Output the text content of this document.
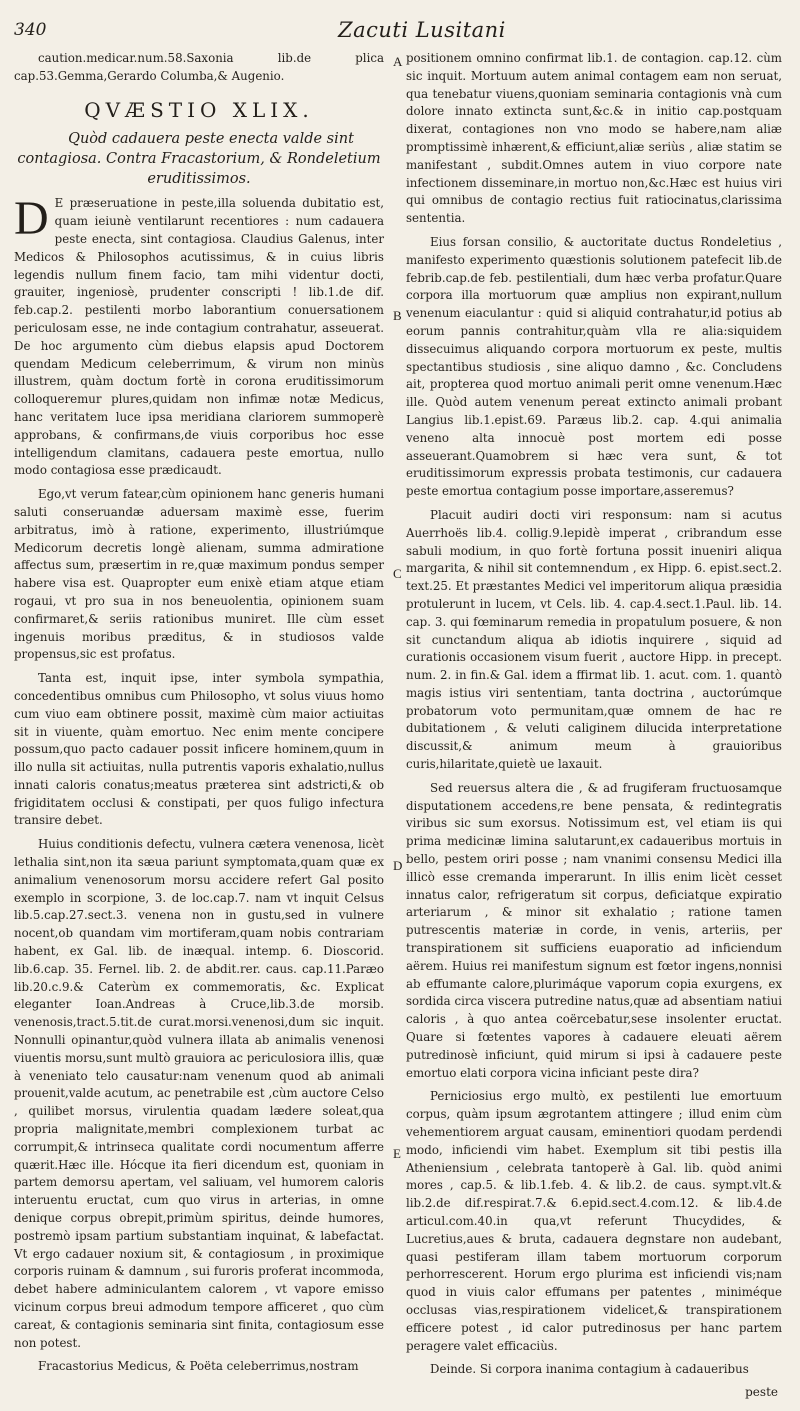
340	Zacuti Lusitani
A
B
C
D
E

caution.medicar.num.58.Saxonia lib.de plica cap.53.Gemma,Gerardo Columba,& Augenio.

QVÆSTIO XLIX.

Quòd cadauera peste enecta valde sint contagiosa. Contra Fracastorium, & Rondeletium eruditissimos.

D E præseruatione in peste,illa soluenda dubitatio est, quam ieiunè ventilarunt recentiores : num cadauera peste enecta, sint contagiosa. Claudius Galenus, inter Medicos & Philosophos acutissimus, & in cuius libris legendis nullum finem facio, tam mihi videntur docti, grauiter, ingeniosè, prudenter conscripti ! lib.1.de dif. feb.cap.2. pestilenti morbo laborantium conuersationem periculosam esse, ne inde contagium contrahatur, asseuerat. De hoc argumento cùm diebus elapsis apud Doctorem quendam Medicum celeberrimum, & virum non minùs illustrem, quàm doctum fortè in corona eruditissimorum colloqueremur plures,quidam non infimæ notæ Medicus, hanc veritatem luce ipsa meridiana clariorem summoperè approbans, & confirmans,de viuis corporibus hoc esse intelligendum clamitans, cadauera peste emortua, nullo modo contagiosa esse prædicaudt.

Ego,vt verum fatear,cùm opinionem hanc generis humani saluti conseruandæ aduersam maximè esse, fuerim arbitratus, imò à ratione, experimento, illustriúmque Medicorum decretis longè alienam, summa admiratione affectus sum, præsertim in re,quæ maximum pondus semper habere visa est. Quapropter eum enixè etiam atque etiam rogaui, vt pro sua in nos beneuolentia, opinionem suam confirmaret,& seriis rationibus muniret. Ille cùm esset ingenuis moribus præditus, & in studiosos valde propensus,sic est profatus.

Tanta est, inquit ipse, inter symbola sympathia, concedentibus omnibus cum Philosopho, vt solus viuus homo cum viuo eam obtinere possit, maximè cùm maior actiuitas sit in viuente, quàm emortuo. Nec enim mente concipere possum,quo pacto cadauer possit inficere hominem,quum in illo nulla sit actiuitas, nulla putrentis vaporis exhalatio,nullus innati caloris conatus;meatus præterea sint adstricti,& ob frigiditatem occlusi & constipati, per quos fuligo infectura transire debet.

Huius conditionis defectu, vulnera cætera venenosa, licèt lethalia sint,non ita sæua pariunt symptomata,quam quæ ex animalium venenosorum morsu accidere refert Gal posito exemplo in scorpione, 3. de loc.cap.7. nam vt inquit Celsus lib.5.cap.27.sect.3. venena non in gustu,sed in vulnere nocent,ob quandam vim mortiferam,quam nobis contrariam habent, ex Gal. lib. de inæqual. intemp. 6. Dioscorid. lib.6.cap. 35. Fernel. lib. 2. de abdit.rer. caus. cap.11.Paræo lib.20.c.9.& Caterùm ex commemoratis, &c. Explicat eleganter Ioan.Andreas à Cruce,lib.3.de morsib. venenosis,tract.5.tit.de curat.morsi.venenosi,dum sic inquit. Nonnulli opinantur,quòd vulnera illata ab animalis venenosi viuentis morsu,sunt multò grauiora ac periculosiora illis, quæ à veneniato telo causatur:nam venenum quod ab animali prouenit,valde acutum, ac penetrabile est ,cùm auctore Celso , quilibet morsus, virulentia quadam lædere soleat,qua propria malignitate,membri complexionem turbat ac corrumpit,& intrinseca qualitate cordi nocumentum afferre quærit.Hæc ille. Hócque ita fieri dicendum est, quoniam in partem demorsu apertam, vel saliuam, vel humorem caloris interuentu eructat, cum quo virus in arterias, in omne denique corpus obrepit,primùm spiritus, deinde humores, postremò ipsam partium substantiam inquinat, & labefactat. Vt ergo cadauer noxium sit, & contagiosum , in proximique corporis ruinam & damnum , sui furoris proferat incommoda, debet habere adminiculantem calorem , vt vapore emisso vicinum corpus breui admodum tempore afficeret , quo cùm careat, & contagionis seminaria sint finita, contagiosum esse non potest.

Fracastorius Medicus, & Poëta celeberrimus,nostram

positionem omnino confirmat lib.1. de contagion. cap.12. cùm sic inquit. Mortuum autem animal contagem eam non seruat, qua tenebatur viuens,quoniam seminaria contagionis vnà cum dolore innato extincta sunt,&c.& in initio cap.postquam dixerat, contagiones non vno modo se habere,nam aliæ promptissimè inhærent,& efficiunt,aliæ seriùs , aliæ statim se manifestant , subdit.Omnes autem in viuo corpore nate infectionem disseminare,in mortuo non,&c.Hæc est huius viri qui omnibus de contagio rectius fuit ratiocinatus,clarissima sententia.

Eius forsan consilio, & auctoritate ductus Rondeletius , manifesto experimento quæstionis solutionem patefecit lib.de febrib.cap.de feb. pestilentiali, dum hæc verba profatur.Quare corpora illa mortuorum quæ amplius non expirant,nullum venenum eiaculantur : quid si aliquid contrahatur,id potius ab eorum pannis contrahitur,quàm vlla re alia:siquidem dissecuimus aliquando corpora mortuorum ex peste, multis spectantibus studiosis , sine aliquo damno , &c. Concludens ait, propterea quod mortuo animali perit omne venenum.Hæc ille. Quòd autem venenum pereat extincto animali probant Langius lib.1.epist.69. Paræus lib.2. cap. 4.qui animalia veneno alta innocuè post mortem edi posse asseuerant.Quamobrem si hæc vera sunt, & tot eruditissimorum expressis probata testimonis, cur cadauera peste emortua contagium posse importare,asseremus?

Placuit audiri docti viri responsum: nam si acutus Auerrhoës lib.4. collig.9.lepidè imperat , cribrandum esse sabuli modium, in quo fortè fortuna possit inueniri aliqua margarita, & nihil sit contemnendum , ex Hipp. 6. epist.sect.2. text.25. Et præstantes Medici vel imperitorum aliqua præsidia protulerunt in lucem, vt Cels. lib. 4. cap.4.sect.1.Paul. lib. 14. cap. 3. qui fœminarum remedia in propatulum posuere, & non sit cunctandum aliqua ab idiotis inquirere , siquid ad curationis occasionem visum fuerit , auctore Hipp. in precept. num. 2. in fin.& Gal. idem a ffirmat lib. 1. acut. com. 1. quantò magis istius viri sententiam, tanta doctrina , auctorúmque probatorum voto permunitam,quæ omnem de hac re dubitationem , & veluti caliginem dilucida interpretatione discussit,& animum meum à grauioribus curis,hilaritate,quietè ue laxauit.

Sed reuersus altera die , & ad frugiferam fructuosamque disputationem accedens,re bene pensata, & redintegratis viribus sic sum exorsus. Notissimum est, vel etiam iis qui prima medicinæ limina salutarunt,ex cadaueribus mortuis in bello, pestem oriri posse ; nam vnanimi consensu Medici illa illicò esse cremanda imperarunt. In illis enim licèt cesset innatus calor, refrigeratum sit corpus, deficiatque expiratio arteriarum , & minor sit exhalatio ; ratione tamen putrescentis materiæ in corde, in venis, arteriis, per transpirationem sit sufficiens euaporatio ad inficiendum aërem. Huius rei manifestum signum est fœtor ingens,nonnisi ab effumante calore,plurimáque vaporum copia exurgens, ex sordida circa viscera putredine natus,quæ ad absentiam natiui caloris , à quo antea coërcebatur,sese insolenter eructat. Quare si fœtentes vapores à cadauere eleuati aërem putredinosè inficiunt, quid mirum si ipsi à cadauere peste emortuo elati corpora vicina inficiant peste dira?

Perniciosius ergo multò, ex pestilenti lue emortuum corpus, quàm ipsum ægrotantem attingere ; illud enim cùm vehementiorem arguat causam, eminentiori quodam perdendi modo, inficiendi vim habet. Exemplum sit tibi pestis illa Atheniensium , celebrata tantoperè à Gal. lib. quòd animi mores , cap.5. & lib.1.feb. 4. & lib.2. de caus. sympt.vlt.& lib.2.de dif.respirat.7.& 6.epid.sect.4.com.12. & lib.4.de articul.com.40.in qua,vt referunt Thucydides, & Lucretius,aues & bruta, cadauera degnstare non audebant, quasi pestiferam illam tabem mortuorum corporum perhorrescerent. Horum ergo plurima est inficiendi vis;nam quod in viuis calor effumans per patentes , miniméque occlusas vias,respirationem videlicet,& transpirationem efficere potest , id calor putredinosus per hanc partem peragere valet efficaciùs.

Deinde. Si corpora inanima contagium à cadaueribus

peste
